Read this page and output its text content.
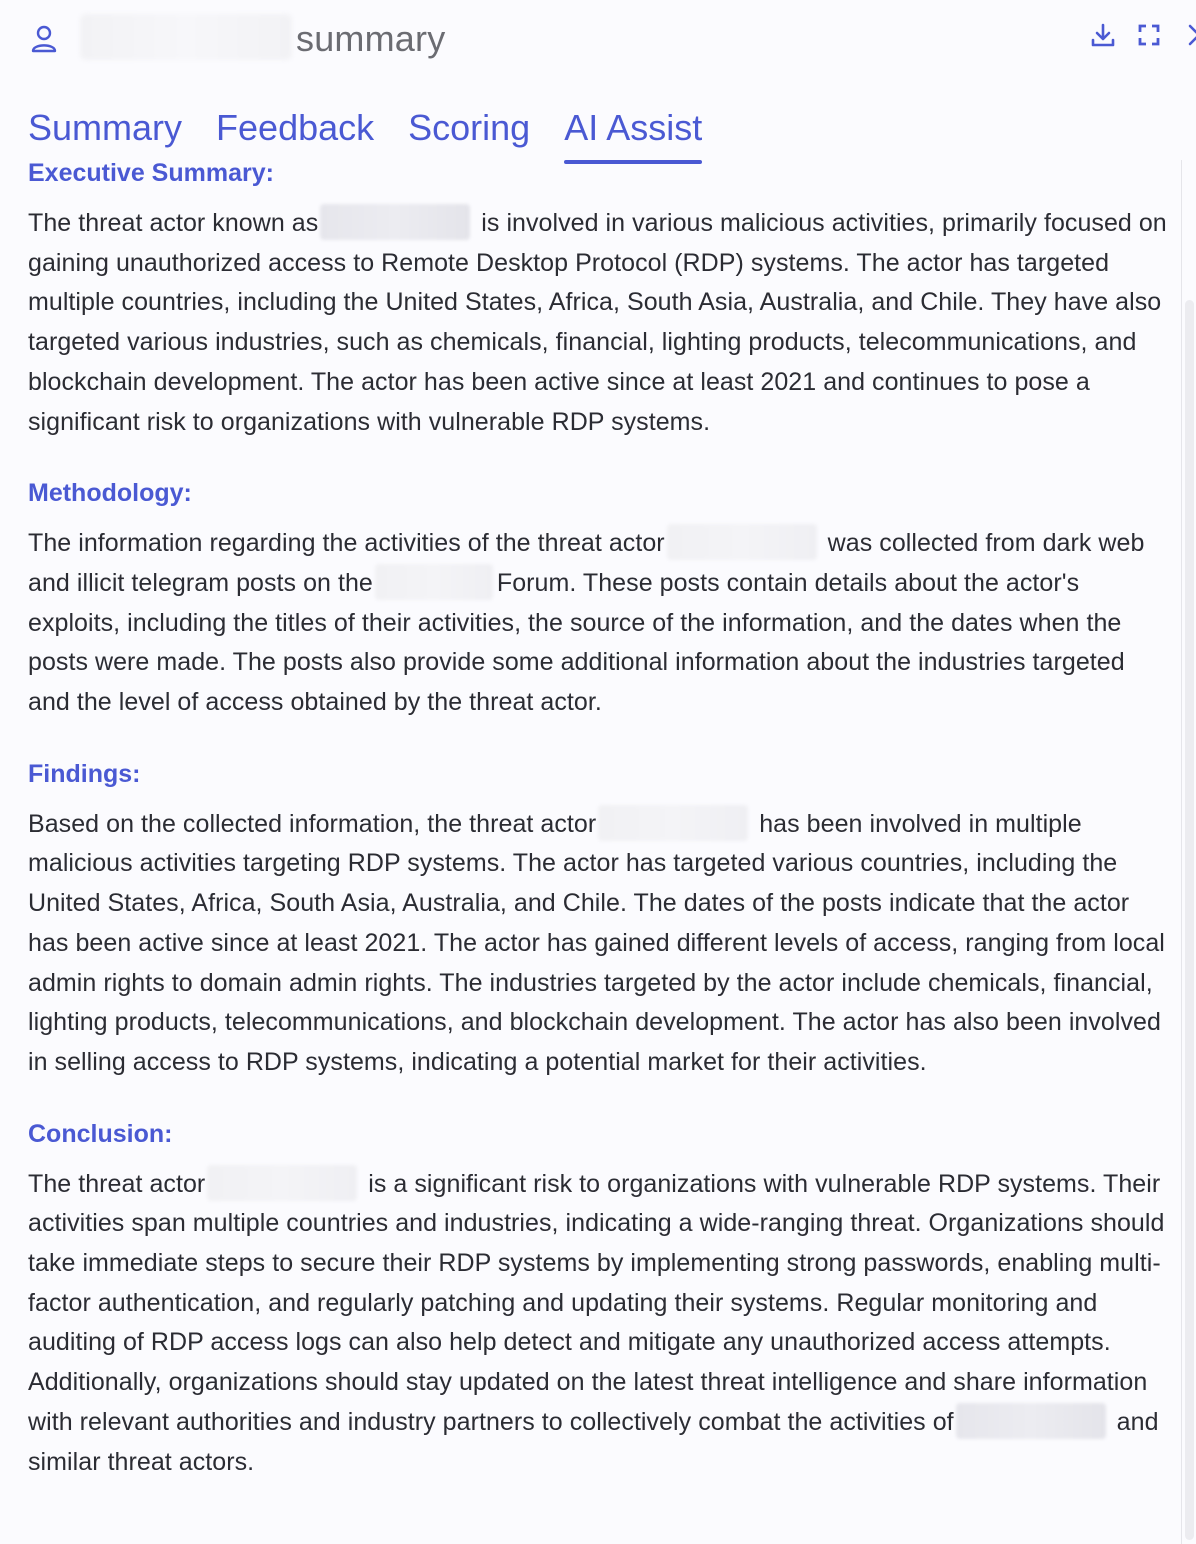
summary
Summary Feedback Scoring AI Assist
Executive Summary:

The threat actor known as	is involved in various malicious activities, primarily focused on gaining unauthorized access to Remote Desktop Protocol (RDP) systems. The actor has targeted multiple countries, including the United States, Africa, South Asia, Australia, and Chile. They have also targeted various industries, such as chemicals, financial, lighting products, telecommunications, and blockchain development. The actor has been active since at least 2021 and continues to pose a significant risk to organizations with vulnerable RDP systems.

Methodology:

The information regarding the activities of the threat actor	was collected from dark web and illicit telegram posts on the	Forum. These posts contain details about the actor's exploits, including the titles of their activities, the source of the information, and the dates when the posts were made. The posts also provide some additional information about the industries targeted and the level of access obtained by the threat actor.

Findings:

Based on the collected information, the threat actor	has been involved in multiple malicious activities targeting RDP systems. The actor has targeted various countries, including the United States, Africa, South Asia, Australia, and Chile. The dates of the posts indicate that the actor has been active since at least 2021. The actor has gained different levels of access, ranging from local admin rights to domain admin rights. The industries targeted by the actor include chemicals, financial, lighting products, telecommunications, and blockchain development. The actor has also been involved in selling access to RDP systems, indicating a potential market for their activities.

Conclusion:

The threat actor	is a significant risk to organizations with vulnerable RDP systems. Their activities span multiple countries and industries, indicating a wide-ranging threat. Organizations should take immediate steps to secure their RDP systems by implementing strong passwords, enabling multi-factor authentication, and regularly patching and updating their systems. Regular monitoring and auditing of RDP access logs can also help detect and mitigate any unauthorized access attempts. Additionally, organizations should stay updated on the latest threat intelligence and share information with relevant authorities and industry partners to collectively combat the activities of	and similar threat actors.
